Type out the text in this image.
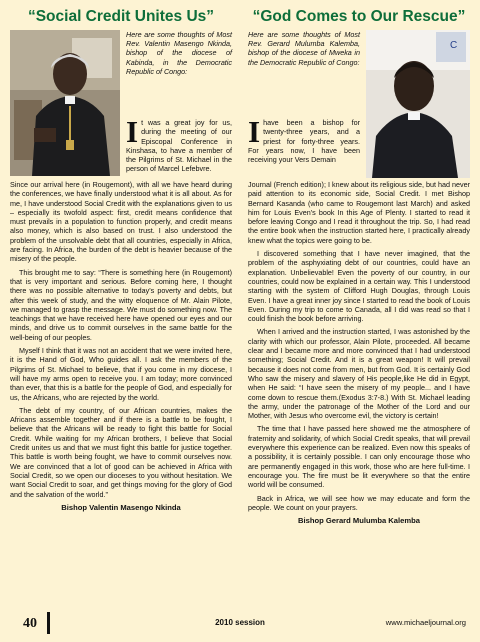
“Social Credit Unites Us”

Here are some thoughts of Most Rev. Valentin Masengo Nkinda, bishop of the diocese of Kabinda, in the Democratic Republic of Congo:

It was a great joy for us, during the meeting of our Episcopal Conference in Kinshasa, to have a member of the Pilgrims of St. Michael in the person of Marcel Lefebvre.

Since our arrival here (in Rougemont), with all we have heard during the conferences, we have finally understood what it is all about. As for me, I have understood Social Credit with the explanations given to us – especially its twofold aspect: first, credit means confidence that must prevails in a population to function properly, and credit means also money, which is also based on trust. I also understood the problem of the unsolvable debt that all countries, especially in Africa, are facing. In Africa, the burden of the debt is heavier because of the misery of the people.

This brought me to say: “There is something here (in Rougemont) that is very important and serious. Before coming here, I thought there was no possible alternative to today’s poverty and debts, but after this week of study, and the witty eloquence of Mr. Alain Pilote, we managed to grasp the message. We must do something now. The teachings that we have received here have opened our eyes and our minds, and drive us to commit ourselves in the same battle for the well-being of our peoples.

Myself I think that it was not an accident that we were invited here, it is the Hand of God, Who guides all. I ask the members of the Pilgrims of St. Michael to believe, that if you come in my diocese, I will have my arms open to receive you. I am today; more convinced than ever, that this is a battle for the people of God, and especially for us, the Africans, who are rejected by the world.

The debt of my country, of our African countries, makes the Africans assemble together and if there is a battle to be fought, I believe that the Africans will be ready to fight this battle for Social Credit. While waiting for my African brothers, I believe that Social Credit unites us and that we must fight this battle for justice together. This battle is worth being fought, we have to commit ourselves now. We are convinced that a lot of good can be achieved in Africa with Social Credit, so we open our dioceses to you without hesitation. We want Social Credit to soar, and get things moving for the glory of God and the salvation of the world.”

Bishop Valentin Masengo Nkinda
“God Comes to Our Rescue”

Here are some thoughts of Most Rev. Gerard Mulumba Kalemba, bishop of the diocese of Mweka in the Democratic Republic of Congo:

C

Ihave been a bishop for twenty-three years, and a priest for forty-three years. For years now, I have been receiving your Vers Demain

Journal (French edition); I knew about its religious side, but had never paid attention to its economic side, Social Credit. I met Bishop Bernard Kasanda (who came to Rougemont last March) and asked him for Louis Even’s book In this Age of Plenty. I started to read it before leaving Congo and I read it throughout the trip. So, I had read the entire book when the instruction started here, I practically already knew what the topics were going to be.

I discovered something that I have never imagined, that the problem of the asphyxiating debt of our countries, could have an explanation. Unbelievable! Even the poverty of our country, in our countries, could now be explained in a certain way. This I understood starting with the system of Clifford Hugh Douglas, through Louis Even. I have a great inner joy since I started to read the book of Louis Even. During my trip to come to Canada, all I did was read so that I could finish the book before arriving.

When I arrived and the instruction started, I was astonished by the clarity with which our professor, Alain Pilote, proceeded. All became clear and I became more and more convinced that I had understood something; Social Credit. And it is a great weapon! It will prevail because it does not come from men, but from God. It is certainly God Who saw the misery and slavery of His people,like He did in Egypt, when He said: “I have seen the misery of my people... and I have come down to rescue them.(Exodus 3:7-8.) With St. Michael leading the army, under the patronage of the Mother of the Lord and our Mother, with Jesus who overcome evil, the victory is certain!

The time that I have passed here showed me the atmosphere of fraternity and solidarity, of which Social Credit speaks, that will prevail everywhere this experience can be realized. Even now this speaks of a possibility, it is certainly possible. I can only encourage those who are permanently engaged in this work, those who are here full-time. I encourage you. The fire must be lit everywhere so that the entire world will be consumed.

Back in Africa, we will see how we may educate and form the people. We count on your prayers.

Bishop Gerard Mulumba Kalemba
40	2010 session	www.michaeljournal.org
